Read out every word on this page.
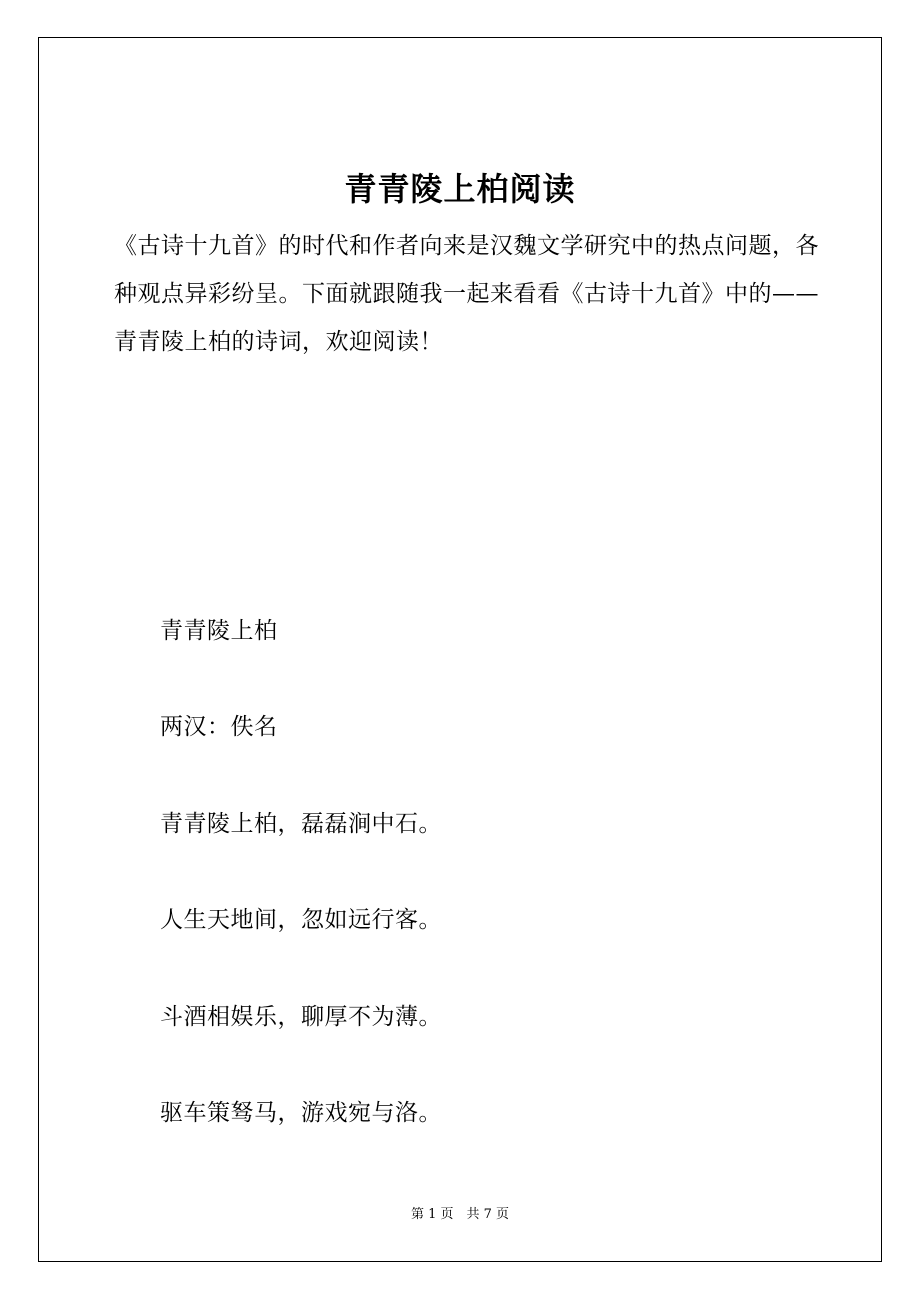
青青陵上柏阅读

《古诗十九首》的时代和作者向来是汉魏文学研究中的热点问题，各种观点异彩纷呈。下面就跟随我一起来看看《古诗十九首》中的——青青陵上柏的诗词，欢迎阅读！

青青陵上柏

两汉：佚名

青青陵上柏，磊磊涧中石。

人生天地间，忽如远行客。

斗酒相娱乐，聊厚不为薄。

驱车策驽马，游戏宛与洛。

第 1 页　共 7 页
